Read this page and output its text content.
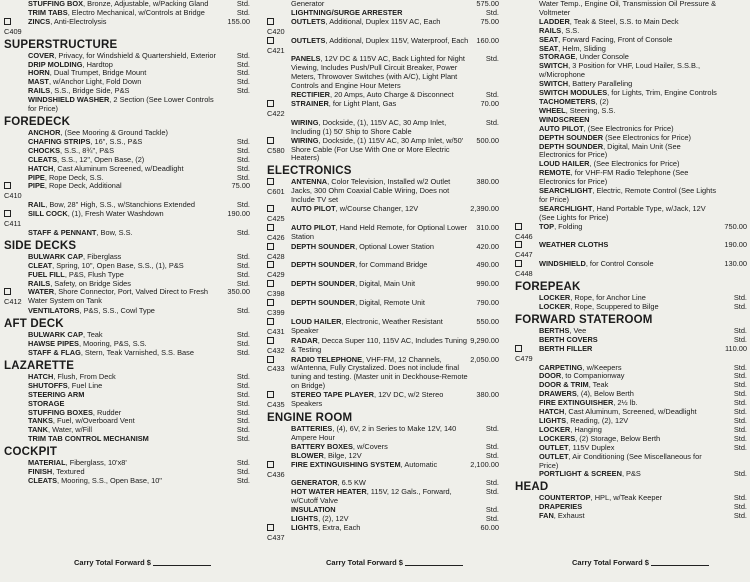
STUFFING BOX, Bronze, Adjustable, w/Packing Gland	Std.
TRIM TABS, Electro Mechanical, w/Controls at Bridge	Std.
C409
ZINCS, Anti-Electrolysis	155.00
SUPERSTRUCTURE
COVER, Privacy, for Windshield & Quartershield, Exterior	Std.
DRIP MOLDING, Hardtop	Std.
HORN, Dual Trumpet, Bridge Mount	Std.
MAST, w/Anchor Light, Fold Down	Std.
RAILS, S.S., Bridge Side, P&S	Std.
WINDSHIELD WASHER, 2 Section (See Lower Controls for Price)
FOREDECK
ANCHOR, (See Mooring & Ground Tackle)
CHAFING STRIPS, 16", S.S., P&S	Std.
CHOCKS, S.S., 8¾", P&S	Std.
CLEATS, S.S., 12", Open Base, (2)	Std.
HATCH, Cast Aluminum Screened, w/Deadlight	Std.
PIPE, Rope Deck, S.S.	Std.
C410
PIPE, Rope Deck, Additional	75.00
RAIL, Bow, 28" High, S.S., w/Stanchions Extended	Std.
C411
SILL COCK, (1), Fresh Water Washdown	190.00
STAFF & PENNANT, Bow, S.S.	Std.
SIDE DECKS
BULWARK CAP, Fiberglass	Std.
CLEAT, Spring, 10", Open Base, S.S., (1), P&S	Std.
FUEL FILL, P&S, Flush Type	Std.
RAILS, Safety, on Bridge Sides	Std.
C412
WATER, Shore Connector, Port, Valved Direct to Fresh Water System on Tank
350.00
VENTILATORS, P&S, S.S., Cowl Type	Std.
AFT DECK
BULWARK CAP, Teak	Std.
HAWSE PIPES, Mooring, P&S, S.S.	Std.
STAFF & FLAG, Stern, Teak Varnished, S.S. Base	Std.
LAZARETTE
HATCH, Flush, From Deck	Std.
SHUTOFFS, Fuel Line	Std.
STEERING ARM	Std.
STORAGE	Std.
STUFFING BOXES, Rudder	Std.
TANKS, Fuel, w/Overboard Vent	Std.
TANK, Water, w/Fill	Std.
TRIM TAB CONTROL MECHANISM	Std.
COCKPIT
MATERIAL, Fiberglass, 10'x8'	Std.
FINISH, Textured	Std.
CLEATS, Mooring, S.S., Open Base, 10"	Std.
Generator	575.00
LIGHTNING/SURGE ARRESTER	Std.
C420
OUTLETS, Additional, Duplex 115V AC, Each	75.00
C421
OUTLETS, Additional, Duplex 115V, Waterproof, Each	160.00
PANELS, 12V DC & 115V AC, Back Lighted for Night Viewing, Includes Push/Pull Circuit Breaker, Power Meters, Throwover Switches (with A/C), Light Plant Controls and Engine Hour Meters
Std.
RECTIFIER, 20 Amps, Auto Charge & Disconnect	Std.
C422
STRAINER, for Light Plant, Gas	70.00
WIRING, Dockside, (1), 115V AC, 30 Amp Inlet, Including (1) 50' Ship to Shore Cable
Std.
C580
WIRING, Dockside, (1) 115V AC, 30 Amp Inlet, w/50' Shore Cable (For Use With One or More Electric Heaters)
500.00
ELECTRONICS
C601
ANTENNA, Color Television, Installed w/2 Outlet Jacks, 300 Ohm Coaxial Cable Wiring, Does not Include TV set
380.00
C425
AUTO PILOT, w/Course Changer, 12V	2,390.00
C426
AUTO PILOT, Hand Held Remote, for Optional Lower Station
310.00
C428
DEPTH SOUNDER, Optional Lower Station	420.00
C429
DEPTH SOUNDER, for Command Bridge	490.00
C398
DEPTH SOUNDER, Digital, Main Unit	990.00
C399
DEPTH SOUNDER, Digital, Remote Unit	790.00
C431
LOUD HAILER, Electronic, Weather Resistant Speaker
550.00
C432
RADAR, Decca Super 110, 115V AC, Includes Tuning & Testing
9,290.00
C433
RADIO TELEPHONE, VHF-FM, 12 Channels, w/Antenna, Fully Crystalized. Does not include final tuning and testing. (Master unit in Deckhouse-Remote on Bridge)
2,050.00
C435
STEREO TAPE PLAYER, 12V DC, w/2 Stereo Speakers
380.00
ENGINE ROOM
BATTERIES, (4), 6V, 2 in Series to Make 12V, 140 Ampere Hour
Std.
BATTERY BOXES, w/Covers	Std.
BLOWER, Bilge, 12V	Std.
C436
FIRE EXTINGUISHING SYSTEM, Automatic	2,100.00
GENERATOR, 6.5 KW	Std.
HOT WATER HEATER, 115V, 12 Gals., Forward, w/Cutoff Valve
Std.
INSULATION	Std.
LIGHTS, (2), 12V	Std.
C437
LIGHTS, Extra, Each	60.00
Water Temp., Engine Oil, Transmission Oil Pressure & Voltmeter
LADDER, Teak & Steel, S.S. to Main Deck
RAILS, S.S.
SEAT, Forward Facing, Front of Console
SEAT, Helm, Sliding
STORAGE, Under Console
SWITCH, 3 Position for VHF, Loud Hailer, S.S.B., w/Microphone
SWITCH, Battery Paralleling
SWITCH MODULES, for Lights, Trim, Engine Controls
TACHOMETERS, (2)
WHEEL, Steering, S.S.
WINDSCREEN
AUTO PILOT, (See Electronics for Price)
DEPTH SOUNDER (See Electronics for Price)
DEPTH SOUNDER, Digital, Main Unit (See Electronics for Price)
LOUD HAILER, (See Electronics for Price)
REMOTE, for VHF-FM Radio Telephone (See Electronics for Price)
SEARCHLIGHT, Electric, Remote Control (See Lights for Price)
SEARCHLIGHT, Hand Portable Type, w/Jack, 12V (See Lights for Price)
C446
TOP, Folding	750.00
C447
WEATHER CLOTHS	190.00
C448
WINDSHIELD, for Control Console	130.00
FOREPEAK
LOCKER, Rope, for Anchor Line	Std.
LOCKER, Rope, Scuppered to Bilge	Std.
FORWARD STATEROOM
BERTHS, Vee	Std.
BERTH COVERS	Std.
C479
BERTH FILLER	110.00
CARPETING, w/Keepers	Std.
DOOR, to Companionway	Std.
DOOR & TRIM, Teak	Std.
DRAWERS, (4), Below Berth	Std.
FIRE EXTINGUISHER, 2½ lb.	Std.
HATCH, Cast Aluminum, Screened, w/Deadlight	Std.
LIGHTS, Reading, (2), 12V	Std.
LOCKER, Hanging	Std.
LOCKERS, (2) Storage, Below Berth	Std.
OUTLET, 115V Duplex	Std.
OUTLET, Air Conditioning (See Miscellaneous for Price)
PORTLIGHT & SCREEN, P&S	Std.
HEAD
COUNTERTOP, HPL, w/Teak Keeper	Std.
DRAPERIES	Std.
FAN, Exhaust	Std.
Carry Total Forward $	Carry Total Forward $	Carry Total Forward $
